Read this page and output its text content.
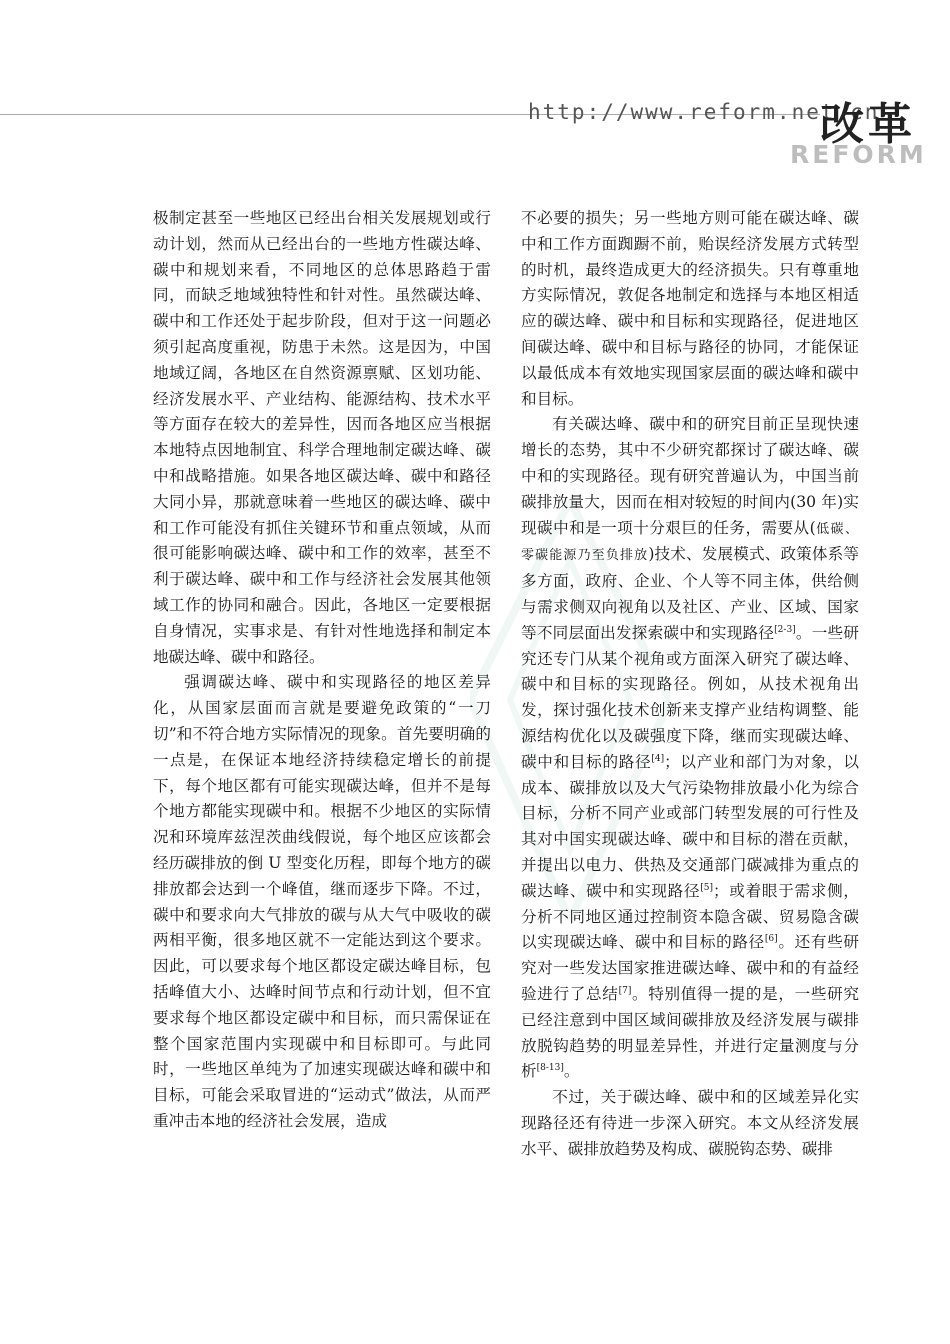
http://www.reform.net.cn
改革
REFORM

极制定甚至一些地区已经出台相关发展规划或行动计划，然而从已经出台的一些地方性碳达峰、碳中和规划来看，不同地区的总体思路趋于雷同，而缺乏地域独特性和针对性。虽然碳达峰、碳中和工作还处于起步阶段，但对于这一问题必须引起高度重视，防患于未然。这是因为，中国地域辽阔，各地区在自然资源禀赋、区划功能、经济发展水平、产业结构、能源结构、技术水平等方面存在较大的差异性，因而各地区应当根据本地特点因地制宜、科学合理地制定碳达峰、碳中和战略措施。如果各地区碳达峰、碳中和路径大同小异，那就意味着一些地区的碳达峰、碳中和工作可能没有抓住关键环节和重点领域，从而很可能影响碳达峰、碳中和工作的效率，甚至不利于碳达峰、碳中和工作与经济社会发展其他领域工作的协同和融合。因此，各地区一定要根据自身情况，实事求是、有针对性地选择和制定本地碳达峰、碳中和路径。

强调碳达峰、碳中和实现路径的地区差异化，从国家层面而言就是要避免政策的“一刀切”和不符合地方实际情况的现象。首先要明确的一点是，在保证本地经济持续稳定增长的前提下，每个地区都有可能实现碳达峰，但并不是每个地方都能实现碳中和。根据不少地区的实际情况和环境库兹涅茨曲线假说，每个地区应该都会经历碳排放的倒 U 型变化历程，即每个地方的碳排放都会达到一个峰值，继而逐步下降。不过，碳中和要求向大气排放的碳与从大气中吸收的碳两相平衡，很多地区就不一定能达到这个要求。因此，可以要求每个地区都设定碳达峰目标，包括峰值大小、达峰时间节点和行动计划，但不宜要求每个地区都设定碳中和目标，而只需保证在整个国家范围内实现碳中和目标即可。与此同时，一些地区单纯为了加速实现碳达峰和碳中和目标，可能会采取冒进的“运动式”做法，从而严重冲击本地的经济社会发展，造成

不必要的损失；另一些地方则可能在碳达峰、碳中和工作方面踟蹰不前，贻误经济发展方式转型的时机，最终造成更大的经济损失。只有尊重地方实际情况，敦促各地制定和选择与本地区相适应的碳达峰、碳中和目标和实现路径，促进地区间碳达峰、碳中和目标与路径的协同，才能保证以最低成本有效地实现国家层面的碳达峰和碳中和目标。

有关碳达峰、碳中和的研究目前正呈现快速增长的态势，其中不少研究都探讨了碳达峰、碳中和的实现路径。现有研究普遍认为，中国当前碳排放量大，因而在相对较短的时间内(30 年)实现碳中和是一项十分艰巨的任务，需要从(低碳、零碳能源乃至负排放)技术、发展模式、政策体系等多方面，政府、企业、个人等不同主体，供给侧与需求侧双向视角以及社区、产业、区域、国家等不同层面出发探索碳中和实现路径[2-3]。一些研究还专门从某个视角或方面深入研究了碳达峰、碳中和目标的实现路径。例如，从技术视角出发，探讨强化技术创新来支撑产业结构调整、能源结构优化以及碳强度下降，继而实现碳达峰、碳中和目标的路径[4]；以产业和部门为对象，以成本、碳排放以及大气污染物排放最小化为综合目标，分析不同产业或部门转型发展的可行性及其对中国实现碳达峰、碳中和目标的潜在贡献，并提出以电力、供热及交通部门碳减排为重点的碳达峰、碳中和实现路径[5]；或着眼于需求侧，分析不同地区通过控制资本隐含碳、贸易隐含碳以实现碳达峰、碳中和目标的路径[6]。还有些研究对一些发达国家推进碳达峰、碳中和的有益经验进行了总结[7]。特别值得一提的是，一些研究已经注意到中国区域间碳排放及经济发展与碳排放脱钩趋势的明显差异性，并进行定量测度与分析[8-13]。

不过，关于碳达峰、碳中和的区域差异化实现路径还有待进一步深入研究。本文从经济发展水平、碳排放趋势及构成、碳脱钩态势、碳排
